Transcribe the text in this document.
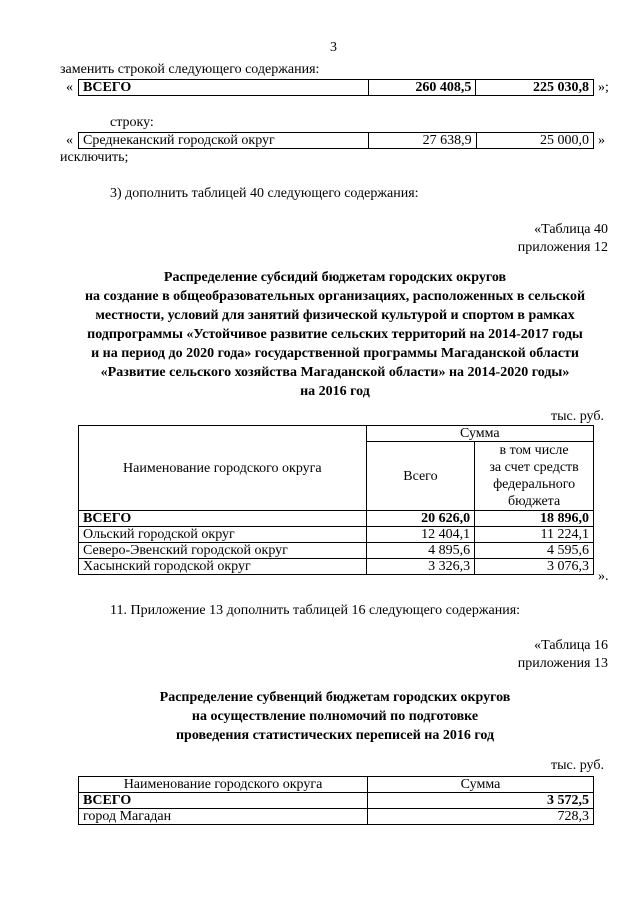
3
заменить строкой следующего содержания:
« ВСЕГО	260 408,5	225 030,8 »;
строку:
« Среднеканский городской округ	27 638,9	25 000,0 »
исключить;
3) дополнить таблицей 40 следующего содержания:
«Таблица 40
приложения 12
Распределение субсидий бюджетам городских округов
на создание в общеобразовательных организациях, расположенных в сельской
местности, условий для занятий физической культурой и спортом в рамках
подпрограммы «Устойчивое развитие сельских территорий на 2014-2017 годы
и на период до 2020 года» государственной программы Магаданской области
«Развитие сельского хозяйства Магаданской области» на 2014-2020 годы»
на 2016 год
тыс. руб.
Наименование городского округа	Сумма	
	Всего	в том числе
за счет средств
федерального
бюджета

ВСЕГО	20 626,0	18 896,0
Ольский городской округ	12 404,1	11 224,1
Северо-Эвенский городской округ	4 895,6	4 595,6
Хасынский городской округ	3 326,3	3 076,3
».
11. Приложение 13 дополнить таблицей 16 следующего содержания:
«Таблица 16
приложения 13
Распределение субвенций бюджетам городских округов
на осуществление полномочий по подготовке
проведения статистических переписей на 2016 год
тыс. руб.
Наименование городского округа	Сумма
ВСЕГО	3 572,5
город Магадан	728,3
